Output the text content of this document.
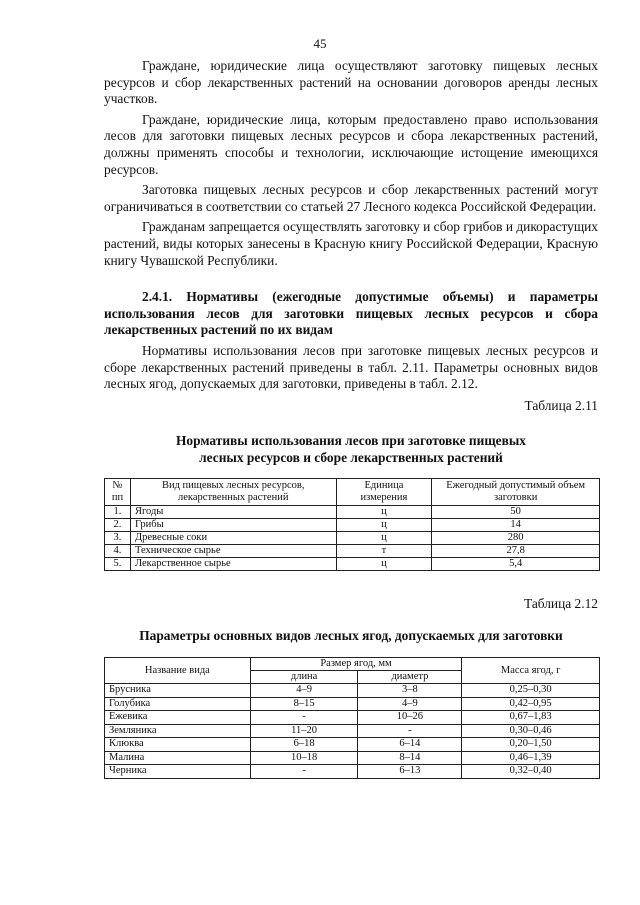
45

Граждане, юридические лица осуществляют заготовку пищевых лесных ресурсов и сбор лекарственных растений на основании договоров аренды лесных участков.

Граждане, юридические лица, которым предоставлено право использования лесов для заготовки пищевых лесных ресурсов и сбора лекарственных растений, должны применять способы и технологии, исключающие истощение имеющихся ресурсов.

Заготовка пищевых лесных ресурсов и сбор лекарственных растений могут ограничиваться в соответствии со статьей 27 Лесного кодекса Российской Федерации.

Гражданам запрещается осуществлять заготовку и сбор грибов и дикорастущих растений, виды которых занесены в Красную книгу Российской Федерации, Красную книгу Чувашской Республики.

2.4.1. Нормативы (ежегодные допустимые объемы) и параметры использования лесов для заготовки пищевых лесных ресурсов и сбора лекарственных растений по их видам

Нормативы использования лесов при заготовке пищевых лесных ресурсов и сборе лекарственных растений приведены в табл. 2.11. Параметры основных видов лесных ягод, допускаемых для заготовки, приведены в табл. 2.12.

Таблица 2.11
Нормативы использования лесов при заготовке пищевых
лесных ресурсов и сборе лекарственных растений
№ пп	Вид пищевых лесных ресурсов, лекарственных растений	Единица измерения	Ежегодный допустимый объем заготовки
1.	Ягоды	ц	50
2.	Грибы	ц	14
3.	Древесные соки	ц	280
4.	Техническое сырье	т	27,8
5.	Лекарственное сырье	ц	5,4
Таблица 2.12
Параметры основных видов лесных ягод, допускаемых для заготовки
Название вида	Размер ягод, мм		Масса ягод, г
	длина	диаметр	
Брусника	4–9	3–8	0,25–0,30
Голубика	8–15	4–9	0,42–0,95
Ежевика	-	10–26	0,67–1,83
Земляника	11–20	-	0,30–0,46
Клюква	6–18	6–14	0,20–1,50
Малина	10–18	8–14	0,46–1,39
Черника	-	6–13	0,32–0,40
